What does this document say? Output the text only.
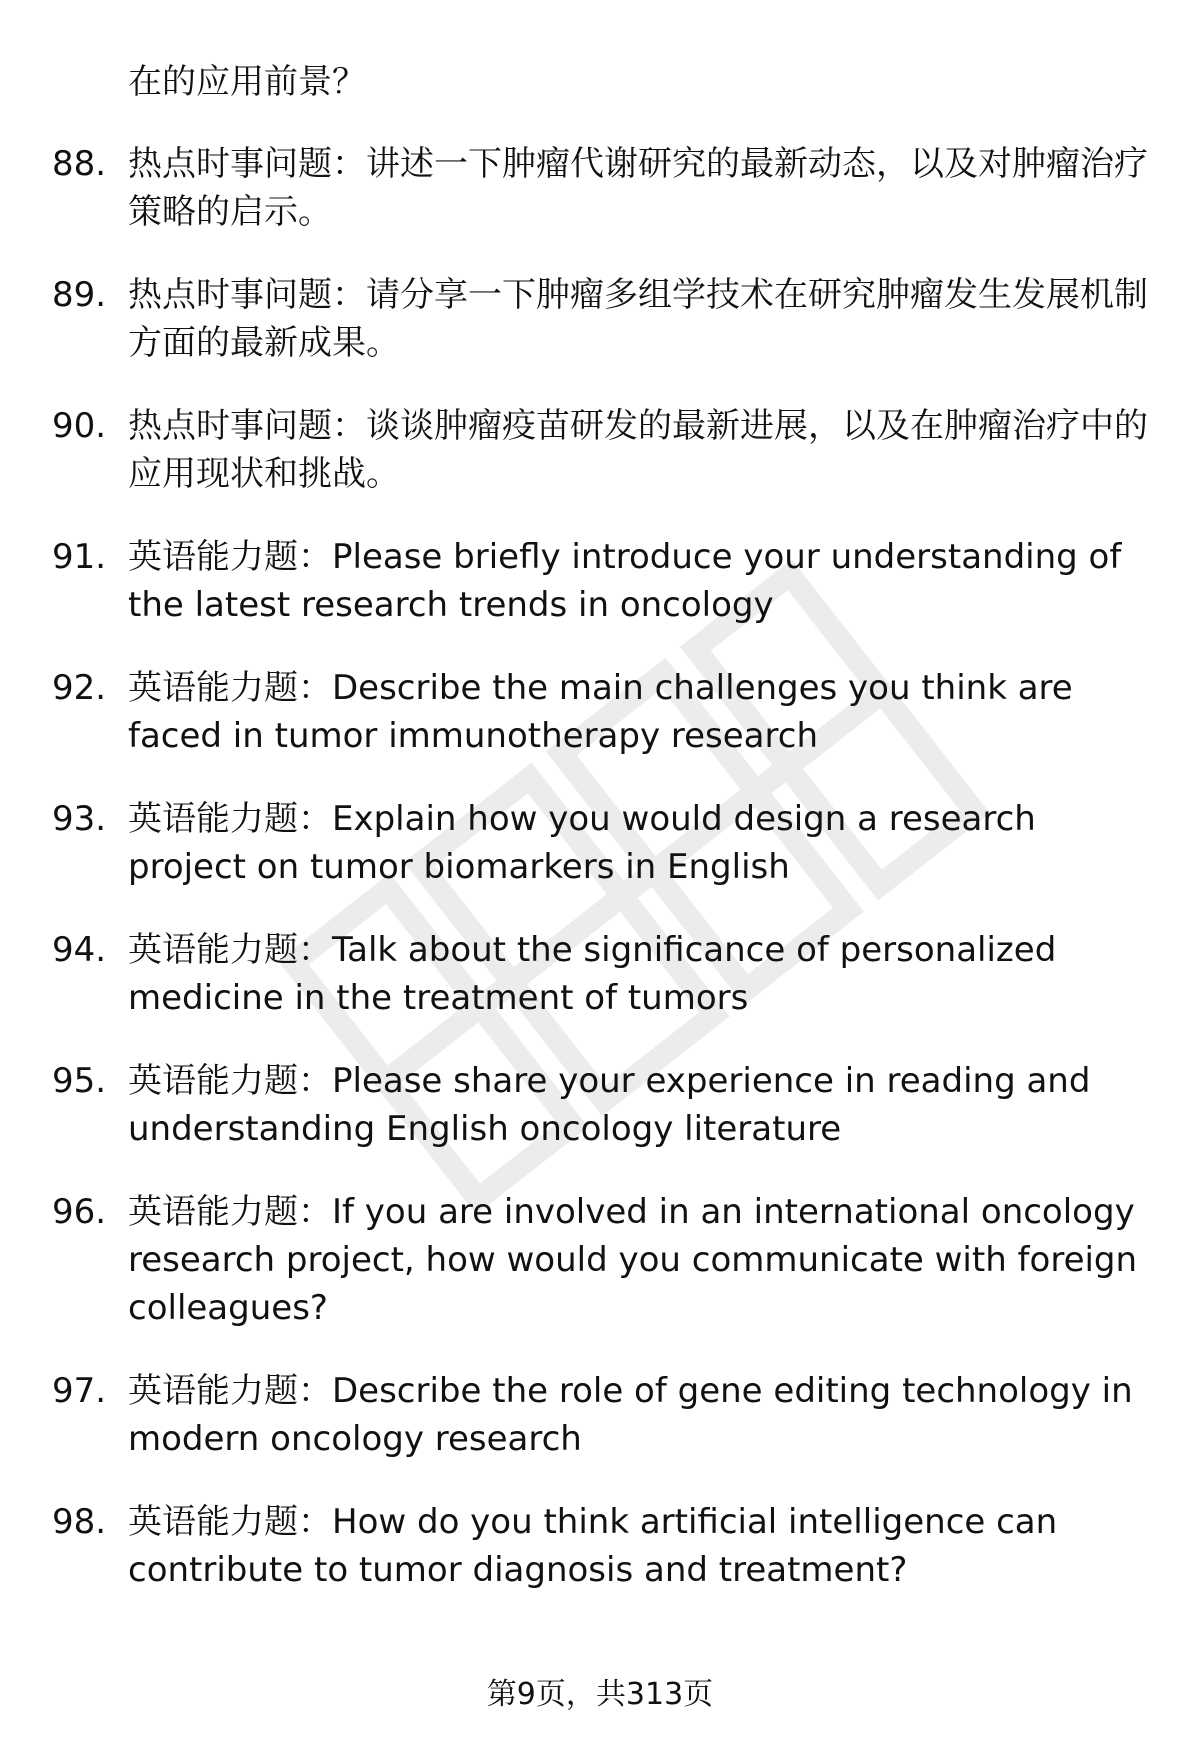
在的应用前景？

88. 热点时事问题：讲述一下肿瘤代谢研究的最新动态，以及对肿瘤治疗策略的启示。
89. 热点时事问题：请分享一下肿瘤多组学技术在研究肿瘤发生发展机制方面的最新成果。
90. 热点时事问题：谈谈肿瘤疫苗研发的最新进展，以及在肿瘤治疗中的应用现状和挑战。
91. 英语能力题：Please briefly introduce your understanding of the latest research trends in oncology
92. 英语能力题：Describe the main challenges you think are faced in tumor immunotherapy research
93. 英语能力题：Explain how you would design a research project on tumor biomarkers in English
94. 英语能力题：Talk about the significance of personalized medicine in the treatment of tumors
95. 英语能力题：Please share your experience in reading and understanding English oncology literature
96. 英语能力题：If you are involved in an international oncology research project, how would you communicate with foreign colleagues?
97. 英语能力题：Describe the role of gene editing technology in modern oncology research
98. 英语能力题：How do you think artificial intelligence can contribute to tumor diagnosis and treatment?
第9页，共313页
